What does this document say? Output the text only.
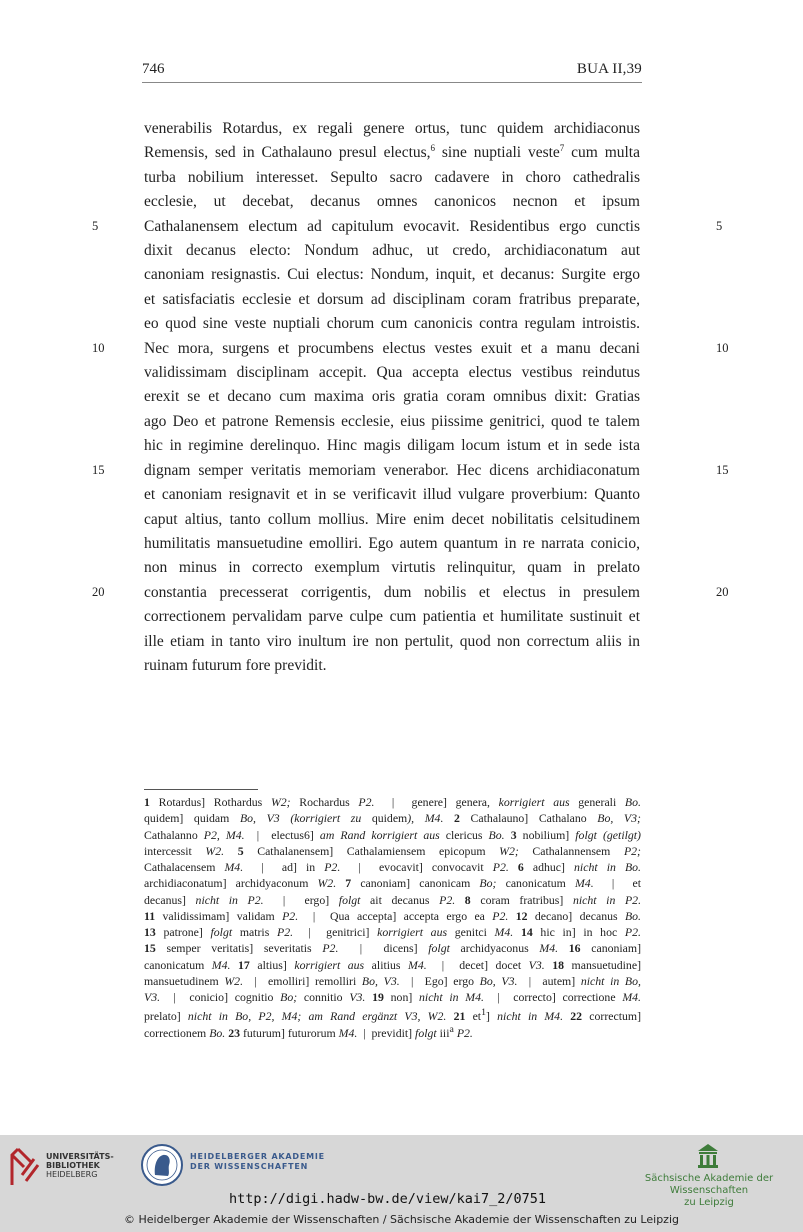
746	BUA II,39
venerabilis Rotardus, ex regali genere ortus, tunc quidem archidiaconus
Remensis, sed in Cathalauno presul electus,$^6$ sine nuptiali veste$^7$ cum multa
turba nobilium interesset. Sepulto sacro cadavere in choro cathedralis
ecclesie, ut decebat, decanus omnes canonicos necnon et ipsum
Cathalanensem electum ad capitulum evocavit. Residentibus ergo cunctis
dixit decanus electo: Nondum adhuc, ut credo, archidiaconatum aut
canoniam resignastis. Cui electus: Nondum, inquit, et decanus: Surgite ergo
et satisfaciatis ecclesie et dorsum ad disciplinam coram fratribus preparate,
eo quod sine veste nuptiali chorum cum canonicis contra regulam introistis.
Nec mora, surgens et procumbens electus vestes exuit et a manu decani
validissimam disciplinam accepit. Qua accepta electus vestibus reindutus
erexit se et decano cum maxima oris gratia coram omnibus dixit: Gratias
ago Deo et patrone Remensis ecclesie, eius piissime genitrici, quod te talem
hic in regimine derelinquo. Hinc magis diligam locum istum et in sede ista
dignam semper veritatis memoriam venerabor. Hec dicens archidiaconatum
et canoniam resignavit et in se verificavit illud vulgare proverbium: Quanto
caput altius, tanto collum mollius. Mire enim decet nobilitatis celsitudinem
humilitatis mansuetudine emolliri. Ego autem quantum in re narrata conicio,
non minus in correcto exemplum virtutis relinquitur, quam in prelato
constantia precesserat corrigentis, dum nobilis et electus in presulem
correctionem pervalidam parve culpe cum patientia et humilitate sustinuit et
ille etiam in tanto viro inultum ire non pertulit, quod non correctum aliis in
ruinam futurum fore previdit.
5	5
10	10
15	15
20	20
1 Rotardus] Rothardus W2; Rochardus P2.  |  genere] genera, korrigiert aus generali Bo.
quidem] quidam Bo, V3 (korrigiert zu quidem), M4. 2 Cathalauno] Cathalano Bo, V3;
Cathalanno P2, M4.  |  electus6] am Rand korrigiert aus clericus Bo. 3 nobilium] folgt (getilgt)
intercessit W2. 5 Cathalanensem] Cathalamiensem epicopum W2; Cathalannensem P2;
Cathalacensem M4.  |  ad] in P2.  |  evocavit] convocavit P2. 6 adhuc] nicht in Bo.
archidiaconatum] archidyaconum W2. 7 canoniam] canonicam Bo; canonicatum M4.  |  et
decanus] nicht in P2.  |  ergo] folgt ait decanus P2. 8 coram fratribus] nicht in P2.
11 validissimam] validam P2.  |  Qua accepta] accepta ergo ea P2. 12 decano] decanus Bo.
13 patrone] folgt matris P2.  |  genitrici] korrigiert aus genitci M4. 14 hic in] in hoc P2.
15 semper veritatis] severitatis P2.  |  dicens] folgt archidyaconus M4. 16 canoniam]
canonicatum M4. 17 altius] korrigiert aus alitius M4.  |  decet] docet V3. 18 mansuetudine]
mansuetudinem W2.  |  emolliri] remolliri Bo, V3.  |  Ego] ergo Bo, V3.  |  autem] nicht in Bo,
V3.  |  conicio] cognitio Bo; connitio V3. 19 non] nicht in M4.  |  correcto] correctione M4.
prelato] nicht in Bo, P2, M4; am Rand ergänzt V3, W2. 21 $et^1$] nicht in M4. 22 correctum]
correctionem Bo. 23 futurum] futurorum M4.  |  previdit] folgt iii$^a$ P2.
UNIVERSITÄTS-
BIBLIOTHEK
HEIDELBERG
HEIDELBERGER AKADEMIE
DER WISSENSCHAFTEN
Sächsische Akademie der Wissenschaften
zu Leipzig
http://digi.hadw-bw.de/view/kai7_2/0751
© Heidelberger Akademie der Wissenschaften / Sächsische Akademie der Wissenschaften zu Leipzig
